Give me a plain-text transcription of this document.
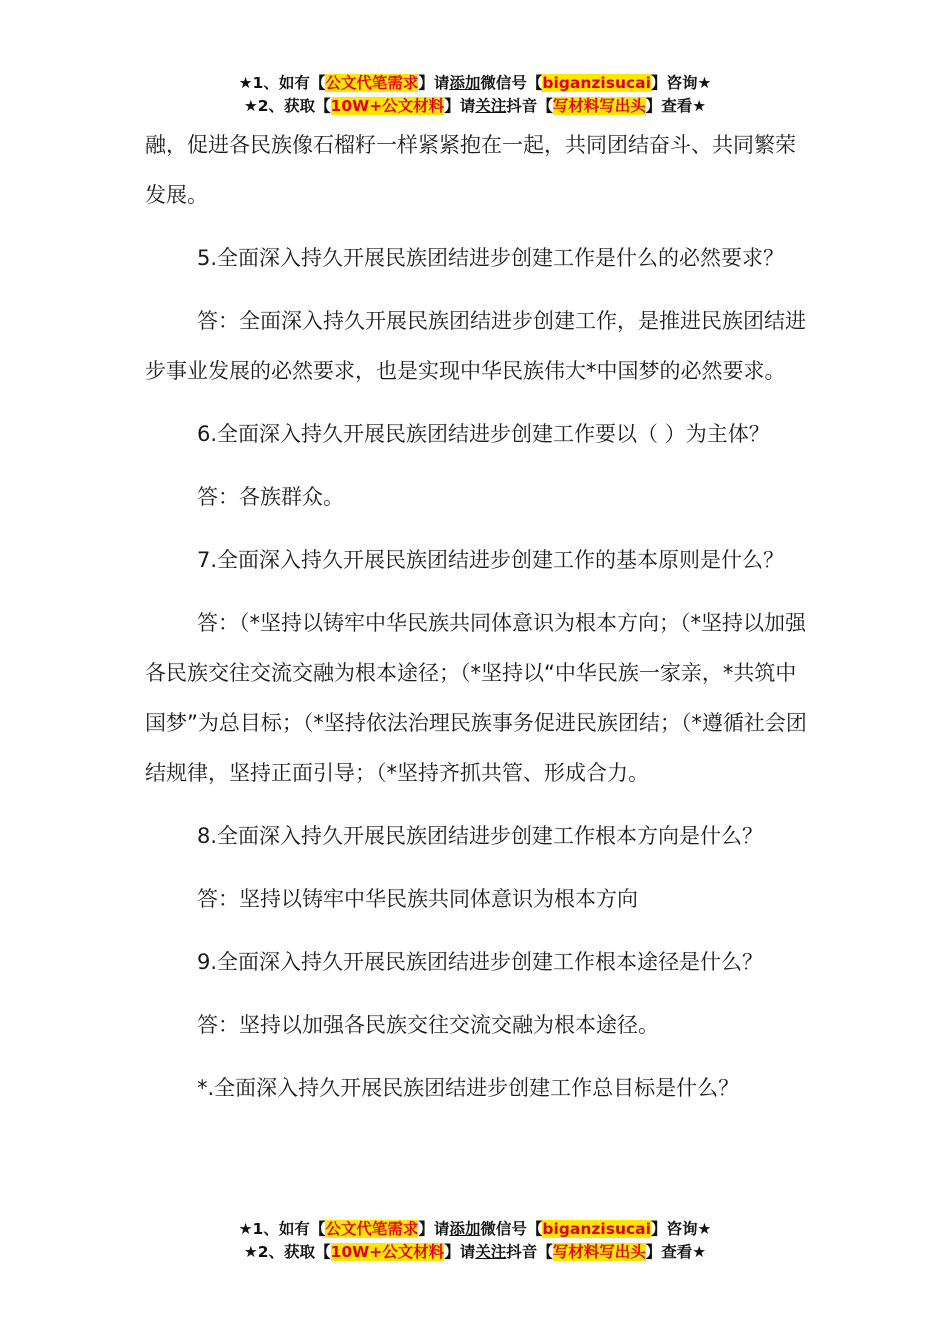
★1、如有【公文代笔需求】请添加微信号【biganzisucai】咨询★
★2、获取【10W+公文材料】请关注抖音【写材料写出头】查看★

融，促进各民族像石榴籽一样紧紧抱在一起，共同团结奋斗、共同繁荣发展。

5.全面深入持久开展民族团结进步创建工作是什么的必然要求？

答：全面深入持久开展民族团结进步创建工作，是推进民族团结进步事业发展的必然要求，也是实现中华民族伟大*中国梦的必然要求。

6.全面深入持久开展民族团结进步创建工作要以（ ）为主体？

答：各族群众。

7.全面深入持久开展民族团结进步创建工作的基本原则是什么？

答：（*坚持以铸牢中华民族共同体意识为根本方向；（*坚持以加强各民族交往交流交融为根本途径；（*坚持以“中华民族一家亲，*共筑中国梦”为总目标；（*坚持依法治理民族事务促进民族团结；（*遵循社会团结规律，坚持正面引导；（*坚持齐抓共管、形成合力。

8.全面深入持久开展民族团结进步创建工作根本方向是什么？

答：坚持以铸牢中华民族共同体意识为根本方向

9.全面深入持久开展民族团结进步创建工作根本途径是什么？

答：坚持以加强各民族交往交流交融为根本途径。

*.全面深入持久开展民族团结进步创建工作总目标是什么？

★1、如有【公文代笔需求】请添加微信号【biganzisucai】咨询★
★2、获取【10W+公文材料】请关注抖音【写材料写出头】查看★
